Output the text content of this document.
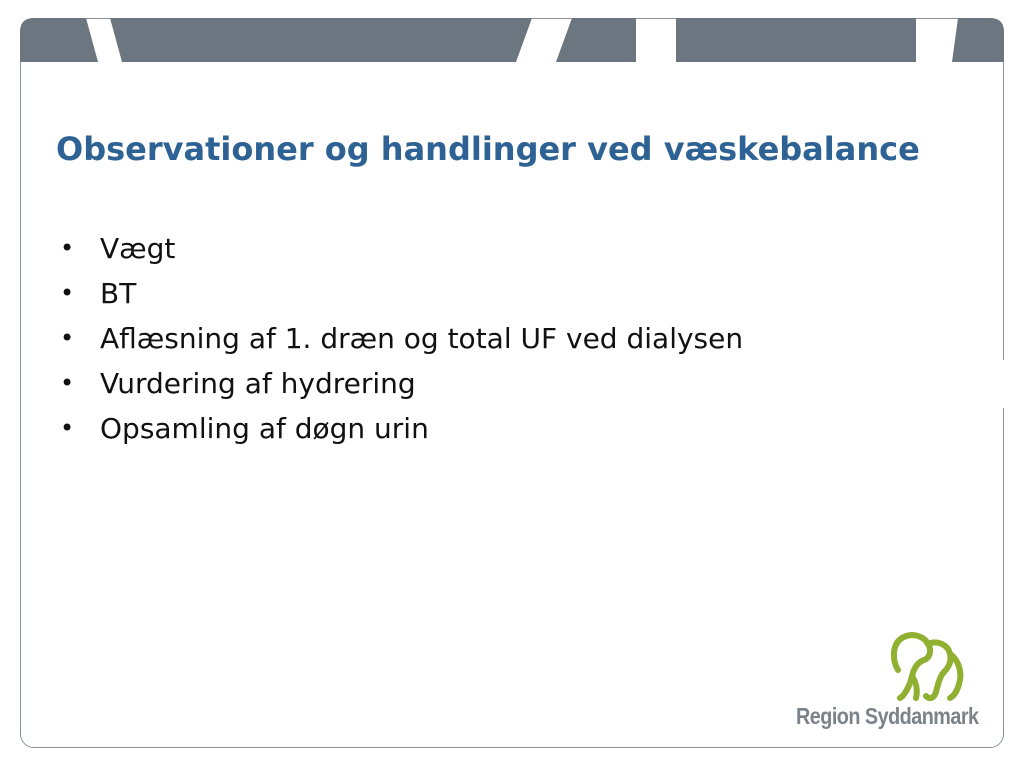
Observationer og handlinger ved væskebalance
• Vægt
• BT
• Aflæsning af 1. dræn og total UF ved dialysen
• Vurdering af hydrering
• Opsamling af døgn urin
Region Syddanmark
